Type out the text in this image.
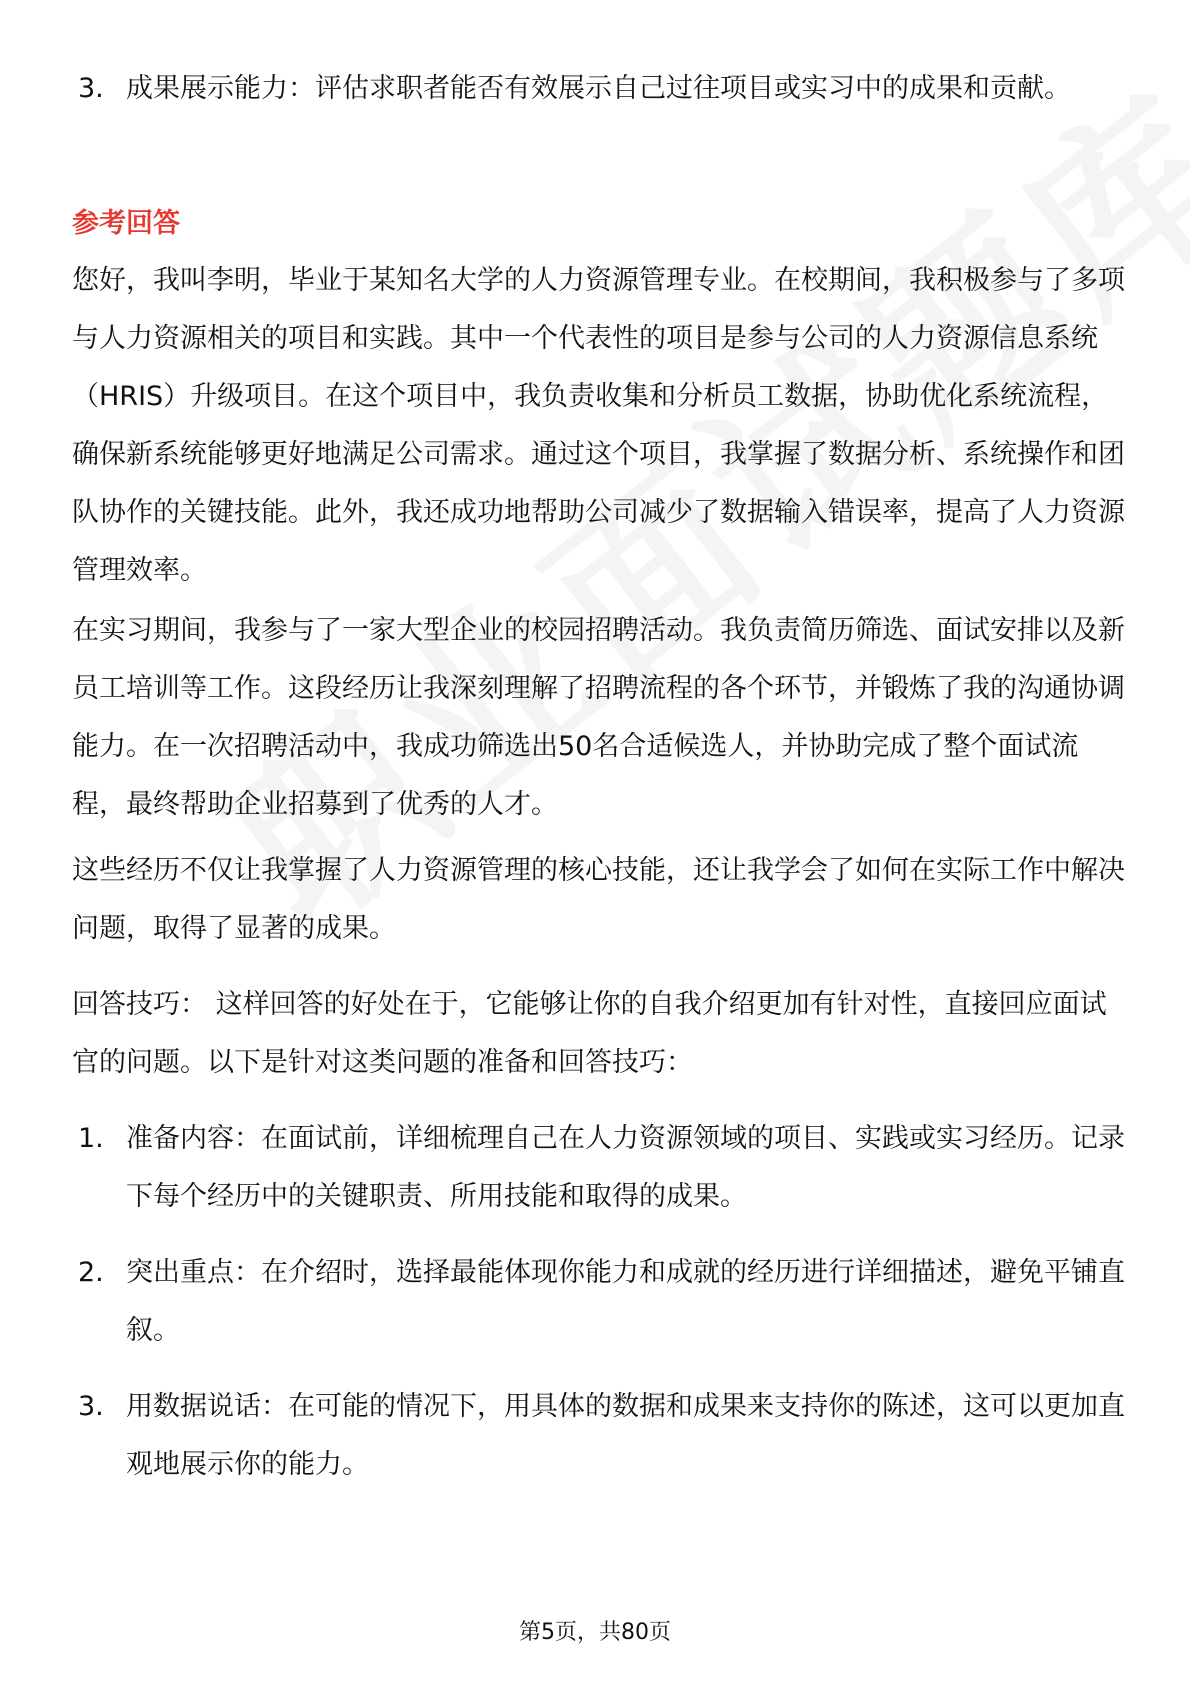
3. 成果展示能力：评估求职者能否有效展示自己过往项目或实习中的成果和贡献。
参考回答
您好，我叫李明，毕业于某知名大学的人力资源管理专业。在校期间，我积极参与了多项与人力资源相关的项目和实践。其中一个代表性的项目是参与公司的人力资源信息系统（HRIS）升级项目。在这个项目中，我负责收集和分析员工数据，协助优化系统流程，确保新系统能够更好地满足公司需求。通过这个项目，我掌握了数据分析、系统操作和团队协作的关键技能。此外，我还成功地帮助公司减少了数据输入错误率，提高了人力资源管理效率。
在实习期间，我参与了一家大型企业的校园招聘活动。我负责简历筛选、面试安排以及新员工培训等工作。这段经历让我深刻理解了招聘流程的各个环节，并锻炼了我的沟通协调能力。在一次招聘活动中，我成功筛选出50名合适候选人，并协助完成了整个面试流程，最终帮助企业招募到了优秀的人才。
这些经历不仅让我掌握了人力资源管理的核心技能，还让我学会了如何在实际工作中解决问题，取得了显著的成果。
回答技巧： 这样回答的好处在于，它能够让你的自我介绍更加有针对性，直接回应面试官的问题。以下是针对这类问题的准备和回答技巧：
1. 准备内容：在面试前，详细梳理自己在人力资源领域的项目、实践或实习经历。记录下每个经历中的关键职责、所用技能和取得的成果。
2. 突出重点：在介绍时，选择最能体现你能力和成就的经历进行详细描述，避免平铺直叙。
3. 用数据说话：在可能的情况下，用具体的数据和成果来支持你的陈述，这可以更加直观地展示你的能力。
第5页，共80页
